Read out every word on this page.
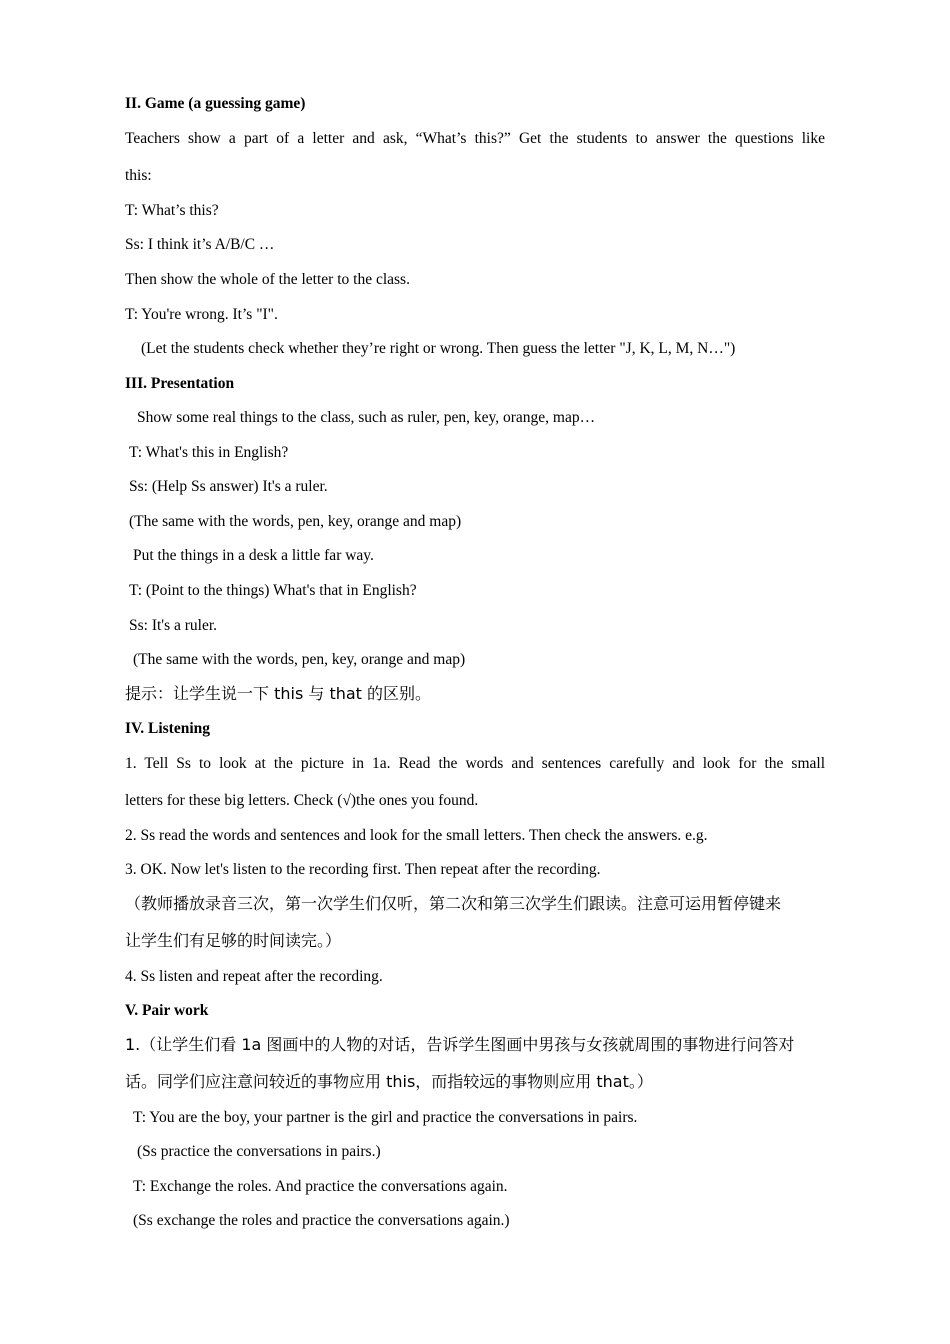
II. Game (a guessing game)
Teachers show a part of a letter and ask, “What’s this?” Get the students to answer the questions like
this:
T: What’s this?
Ss: I think it’s A/B/C …
Then show the whole of the letter to the class.
T: You're wrong. It’s "I".
(Let the students check whether they’re right or wrong. Then guess the letter "J, K, L, M, N…")
III. Presentation
Show some real things to the class, such as ruler, pen, key, orange, map…
T: What's this in English?
Ss: (Help Ss answer) It's a ruler.
(The same with the words, pen, key, orange and map)
Put the things in a desk a little far way.
T: (Point to the things) What's that in English?
Ss: It's a ruler.
(The same with the words, pen, key, orange and map)
提示：让学生说一下 this 与 that 的区别。
IV. Listening
1. Tell Ss to look at the picture in 1a. Read the words and sentences carefully and look for the small
letters for these big letters. Check (√)the ones you found.
2. Ss read the words and sentences and look for the small letters. Then check the answers. e.g.
3. OK. Now let's listen to the recording first. Then repeat after the recording.
（教师播放录音三次，第一次学生们仅听，第二次和第三次学生们跟读。注意可运用暂停键来
让学生们有足够的时间读完。）
4. Ss listen and repeat after the recording.
V. Pair work
1.（让学生们看 1a 图画中的人物的对话，告诉学生图画中男孩与女孩就周围的事物进行问答对
话。同学们应注意问较近的事物应用 this，而指较远的事物则应用 that。）
T: You are the boy, your partner is the girl and practice the conversations in pairs.
(Ss practice the conversations in pairs.)
T: Exchange the roles. And practice the conversations again.
(Ss exchange the roles and practice the conversations again.)
